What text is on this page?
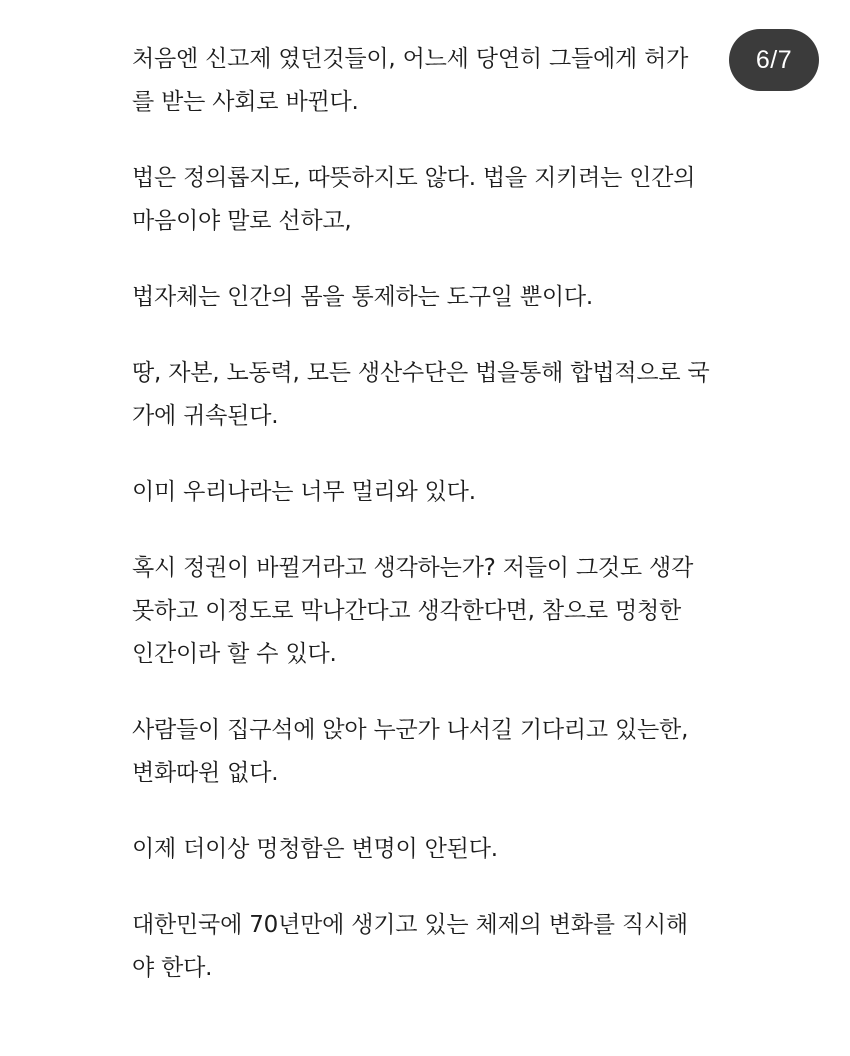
6/7

처음엔 신고제 였던것들이, 어느세 당연히 그들에게 허가
를 받는 사회로 바뀐다.

법은 정의롭지도, 따뜻하지도 않다. 법을 지키려는 인간의
마음이야 말로 선하고,

법자체는 인간의 몸을 통제하는 도구일 뿐이다.

땅, 자본, 노동력, 모든 생산수단은 법을통해 합법적으로 국
가에 귀속된다.

이미 우리나라는 너무 멀리와 있다.

혹시 정권이 바뀔거라고 생각하는가? 저들이 그것도 생각
못하고 이정도로 막나간다고 생각한다면, 참으로 멍청한
인간이라 할 수 있다.

사람들이 집구석에 앉아 누군가 나서길 기다리고 있는한,
변화따윈 없다.

이제 더이상 멍청함은 변명이 안된다.

대한민국에 70년만에 생기고 있는 체제의 변화를 직시해
야 한다.
